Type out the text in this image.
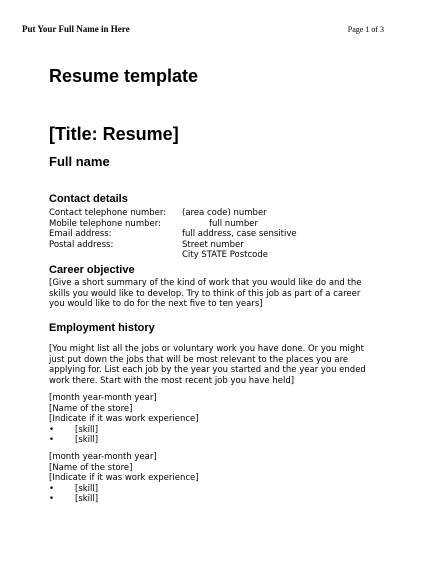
Put Your Full Name in Here	Page 1 of 3
Resume template
[Title: Resume]
Full name
Contact details
Contact telephone number: (area code) number
Mobile telephone number:	full number
Email address:	full address, case sensitive
Postal address:	Street number
City STATE Postcode
Career objective
[Give a short summary of the kind of work that you would like do and the
skills you would like to develop. Try to think of this job as part of a career
you would like to do for the next five to ten years]
Employment history
[You might list all the jobs or voluntary work you have done. Or you might
just put down the jobs that will be most relevant to the places you are
applying for. List each job by the year you started and the year you ended
work there. Start with the most recent job you have held]
[month year-month year]
[Name of the store]
[Indicate if it was work experience]
• [skill]
• [skill]
[month year-month year]
[Name of the store]
[Indicate if it was work experience]
• [skill]
• [skill]
